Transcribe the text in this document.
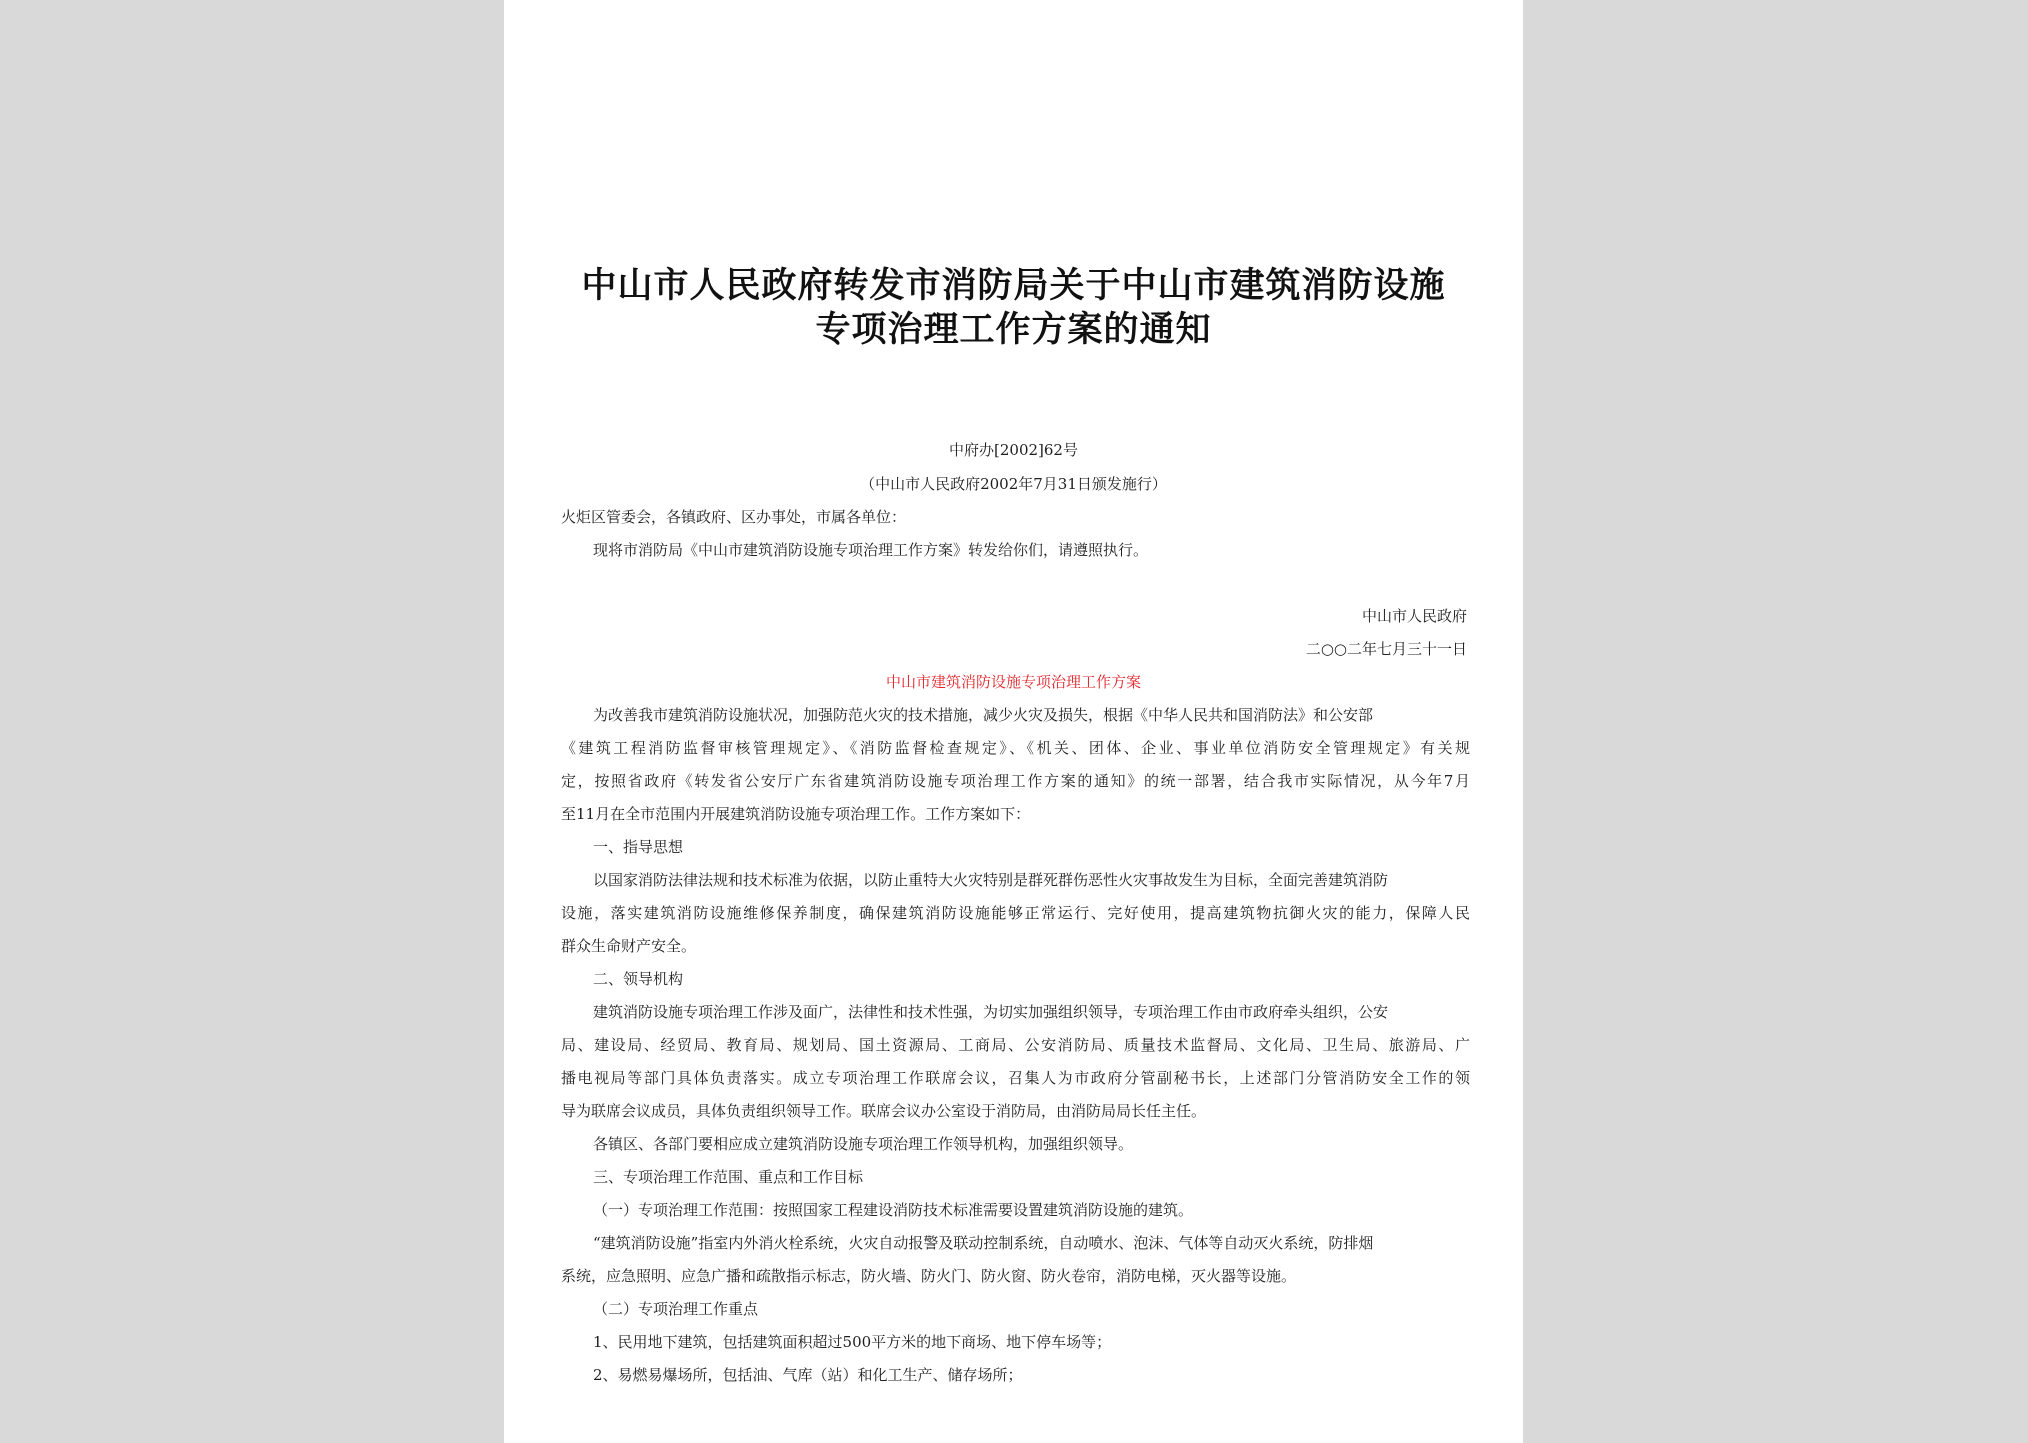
中山市人民政府转发市消防局关于中山市建筑消防设施
专项治理工作方案的通知
中府办[2002]62号
（中山市人民政府2002年7月31日颁发施行）
火炬区管委会，各镇政府、区办事处，市属各单位：
现将市消防局《中山市建筑消防设施专项治理工作方案》转发给你们，请遵照执行。
中山市人民政府
二○○二年七月三十一日
中山市建筑消防设施专项治理工作方案
为改善我市建筑消防设施状况，加强防范火灾的技术措施，减少火灾及损失，根据《中华人民共和国消防法》和公安部
《建筑工程消防监督审核管理规定》、《消防监督检查规定》、《机关、团体、企业、事业单位消防安全管理规定》有关规
定，按照省政府《转发省公安厅广东省建筑消防设施专项治理工作方案的通知》的统一部署，结合我市实际情况，从今年7月
至11月在全市范围内开展建筑消防设施专项治理工作。工作方案如下：
一、指导思想
以国家消防法律法规和技术标准为依据，以防止重特大火灾特别是群死群伤恶性火灾事故发生为目标，全面完善建筑消防
设施，落实建筑消防设施维修保养制度，确保建筑消防设施能够正常运行、完好使用，提高建筑物抗御火灾的能力，保障人民
群众生命财产安全。
二、领导机构
建筑消防设施专项治理工作涉及面广，法律性和技术性强，为切实加强组织领导，专项治理工作由市政府牵头组织，公安
局、建设局、经贸局、教育局、规划局、国土资源局、工商局、公安消防局、质量技术监督局、文化局、卫生局、旅游局、广
播电视局等部门具体负责落实。成立专项治理工作联席会议，召集人为市政府分管副秘书长，上述部门分管消防安全工作的领
导为联席会议成员，具体负责组织领导工作。联席会议办公室设于消防局，由消防局局长任主任。
各镇区、各部门要相应成立建筑消防设施专项治理工作领导机构，加强组织领导。
三、专项治理工作范围、重点和工作目标
（一）专项治理工作范围：按照国家工程建设消防技术标准需要设置建筑消防设施的建筑。
“建筑消防设施”指室内外消火栓系统，火灾自动报警及联动控制系统，自动喷水、泡沫、气体等自动灭火系统，防排烟
系统，应急照明、应急广播和疏散指示标志，防火墙、防火门、防火窗、防火卷帘，消防电梯，灭火器等设施。
（二）专项治理工作重点
1、民用地下建筑，包括建筑面积超过500平方米的地下商场、地下停车场等；
2、易燃易爆场所，包括油、气库（站）和化工生产、储存场所；
